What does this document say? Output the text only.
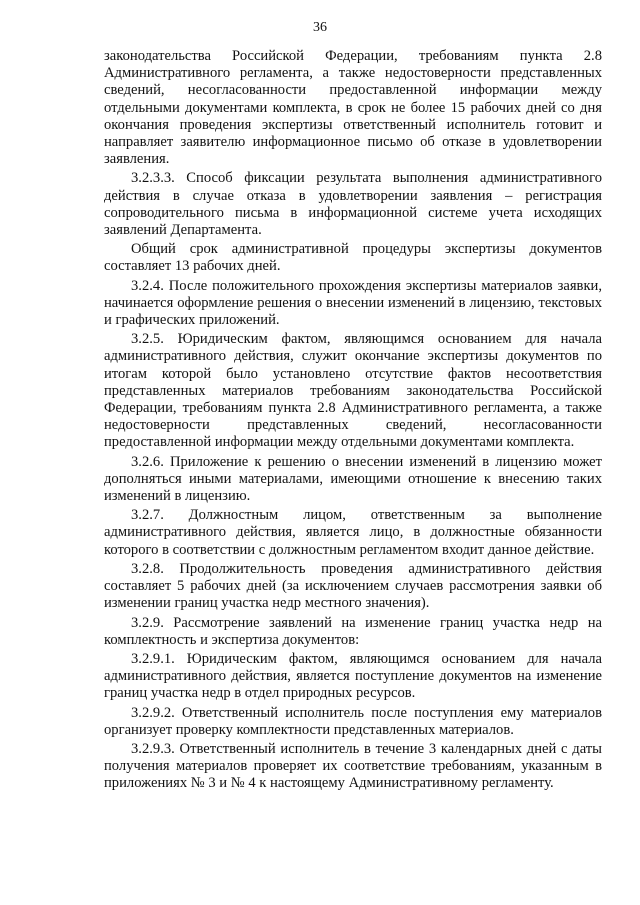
36

законодательства Российской Федерации, требованиям пункта 2.8 Административного регламента, а также недостоверности представленных сведений, несогласованности предоставленной информации между отдельными документами комплекта, в срок не более 15 рабочих дней со дня окончания проведения экспертизы ответственный исполнитель готовит и направляет заявителю информационное письмо об отказе в удовлетворении заявления.

3.2.3.3. Способ фиксации результата выполнения административного действия в случае отказа в удовлетворении заявления – регистрация сопроводительного письма в информационной системе учета исходящих заявлений Департамента.

Общий срок административной процедуры экспертизы документов составляет 13 рабочих дней.

3.2.4. После положительного прохождения экспертизы материалов заявки, начинается оформление решения о внесении изменений в лицензию, текстовых и графических приложений.

3.2.5. Юридическим фактом, являющимся основанием для начала административного действия, служит окончание экспертизы документов по итогам которой было установлено отсутствие фактов несоответствия представленных материалов требованиям законодательства Российской Федерации, требованиям пункта 2.8 Административного регламента, а также недостоверности представленных сведений, несогласованности предоставленной информации между отдельными документами комплекта.

3.2.6. Приложение к решению о внесении изменений в лицензию может дополняться иными материалами, имеющими отношение к внесению таких изменений в лицензию.

3.2.7. Должностным лицом, ответственным за выполнение административного действия, является лицо, в должностные обязанности которого в соответствии с должностным регламентом входит данное действие.

3.2.8. Продолжительность проведения административного действия составляет 5 рабочих дней (за исключением случаев рассмотрения заявки об изменении границ участка недр местного значения).

3.2.9. Рассмотрение заявлений на изменение границ участка недр на комплектность и экспертиза документов:

3.2.9.1. Юридическим фактом, являющимся основанием для начала административного действия, является поступление документов на изменение границ участка недр в отдел природных ресурсов.

3.2.9.2. Ответственный исполнитель после поступления ему материалов организует проверку комплектности представленных материалов.

3.2.9.3. Ответственный исполнитель в течение 3 календарных дней с даты получения материалов проверяет их соответствие требованиям, указанным в приложениях № 3 и № 4 к настоящему Административному регламенту.
